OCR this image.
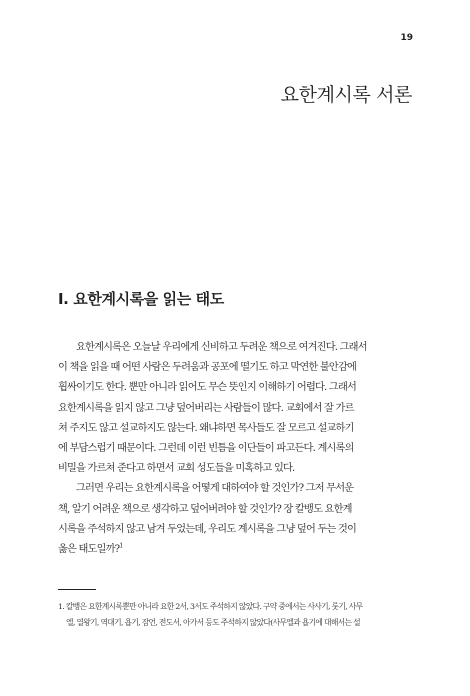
19
요한계시록 서론
I. 요한계시록을 읽는 태도

요한계시록은 오늘날 우리에게 신비하고 두려운 책으로 여겨진다. 그래서
이 책을 읽을 때 어떤 사람은 두려움과 공포에 떨기도 하고 막연한 불안감에
휩싸이기도 한다. 뿐만 아니라 읽어도 무슨 뜻인지 이해하기 어렵다. 그래서
요한계시록을 읽지 않고 그냥 덮어버리는 사람들이 많다. 교회에서 잘 가르
쳐 주지도 않고 설교하지도 않는다. 왜냐하면 목사들도 잘 모르고 설교하기
에 부담스럽기 때문이다. 그런데 이런 빈틈을 이단들이 파고든다. 계시록의
비밀을 가르쳐 준다고 하면서 교회 성도들을 미혹하고 있다.

그러면 우리는 요한계시록을 어떻게 대하여야 할 것인가? 그저 무서운
책, 알기 어려운 책으로 생각하고 덮어버려야 할 것인가? 장 칼뱅도 요한계
시록을 주석하지 않고 남겨 두었는데, 우리도 계시록을 그냥 덮어 두는 것이
옳은 태도일까?$^1$

1. 칼뱅은 요한계시록뿐만 아니라 요한 2서, 3서도 주석하지 않았다. 구약 중에서는 사사기, 룻기, 사무
엘, 열왕기, 역대기, 욥기, 잠언, 전도서, 아가서 등도 주석하지 않았다(사무엘과 욥기에 대해서는 설
